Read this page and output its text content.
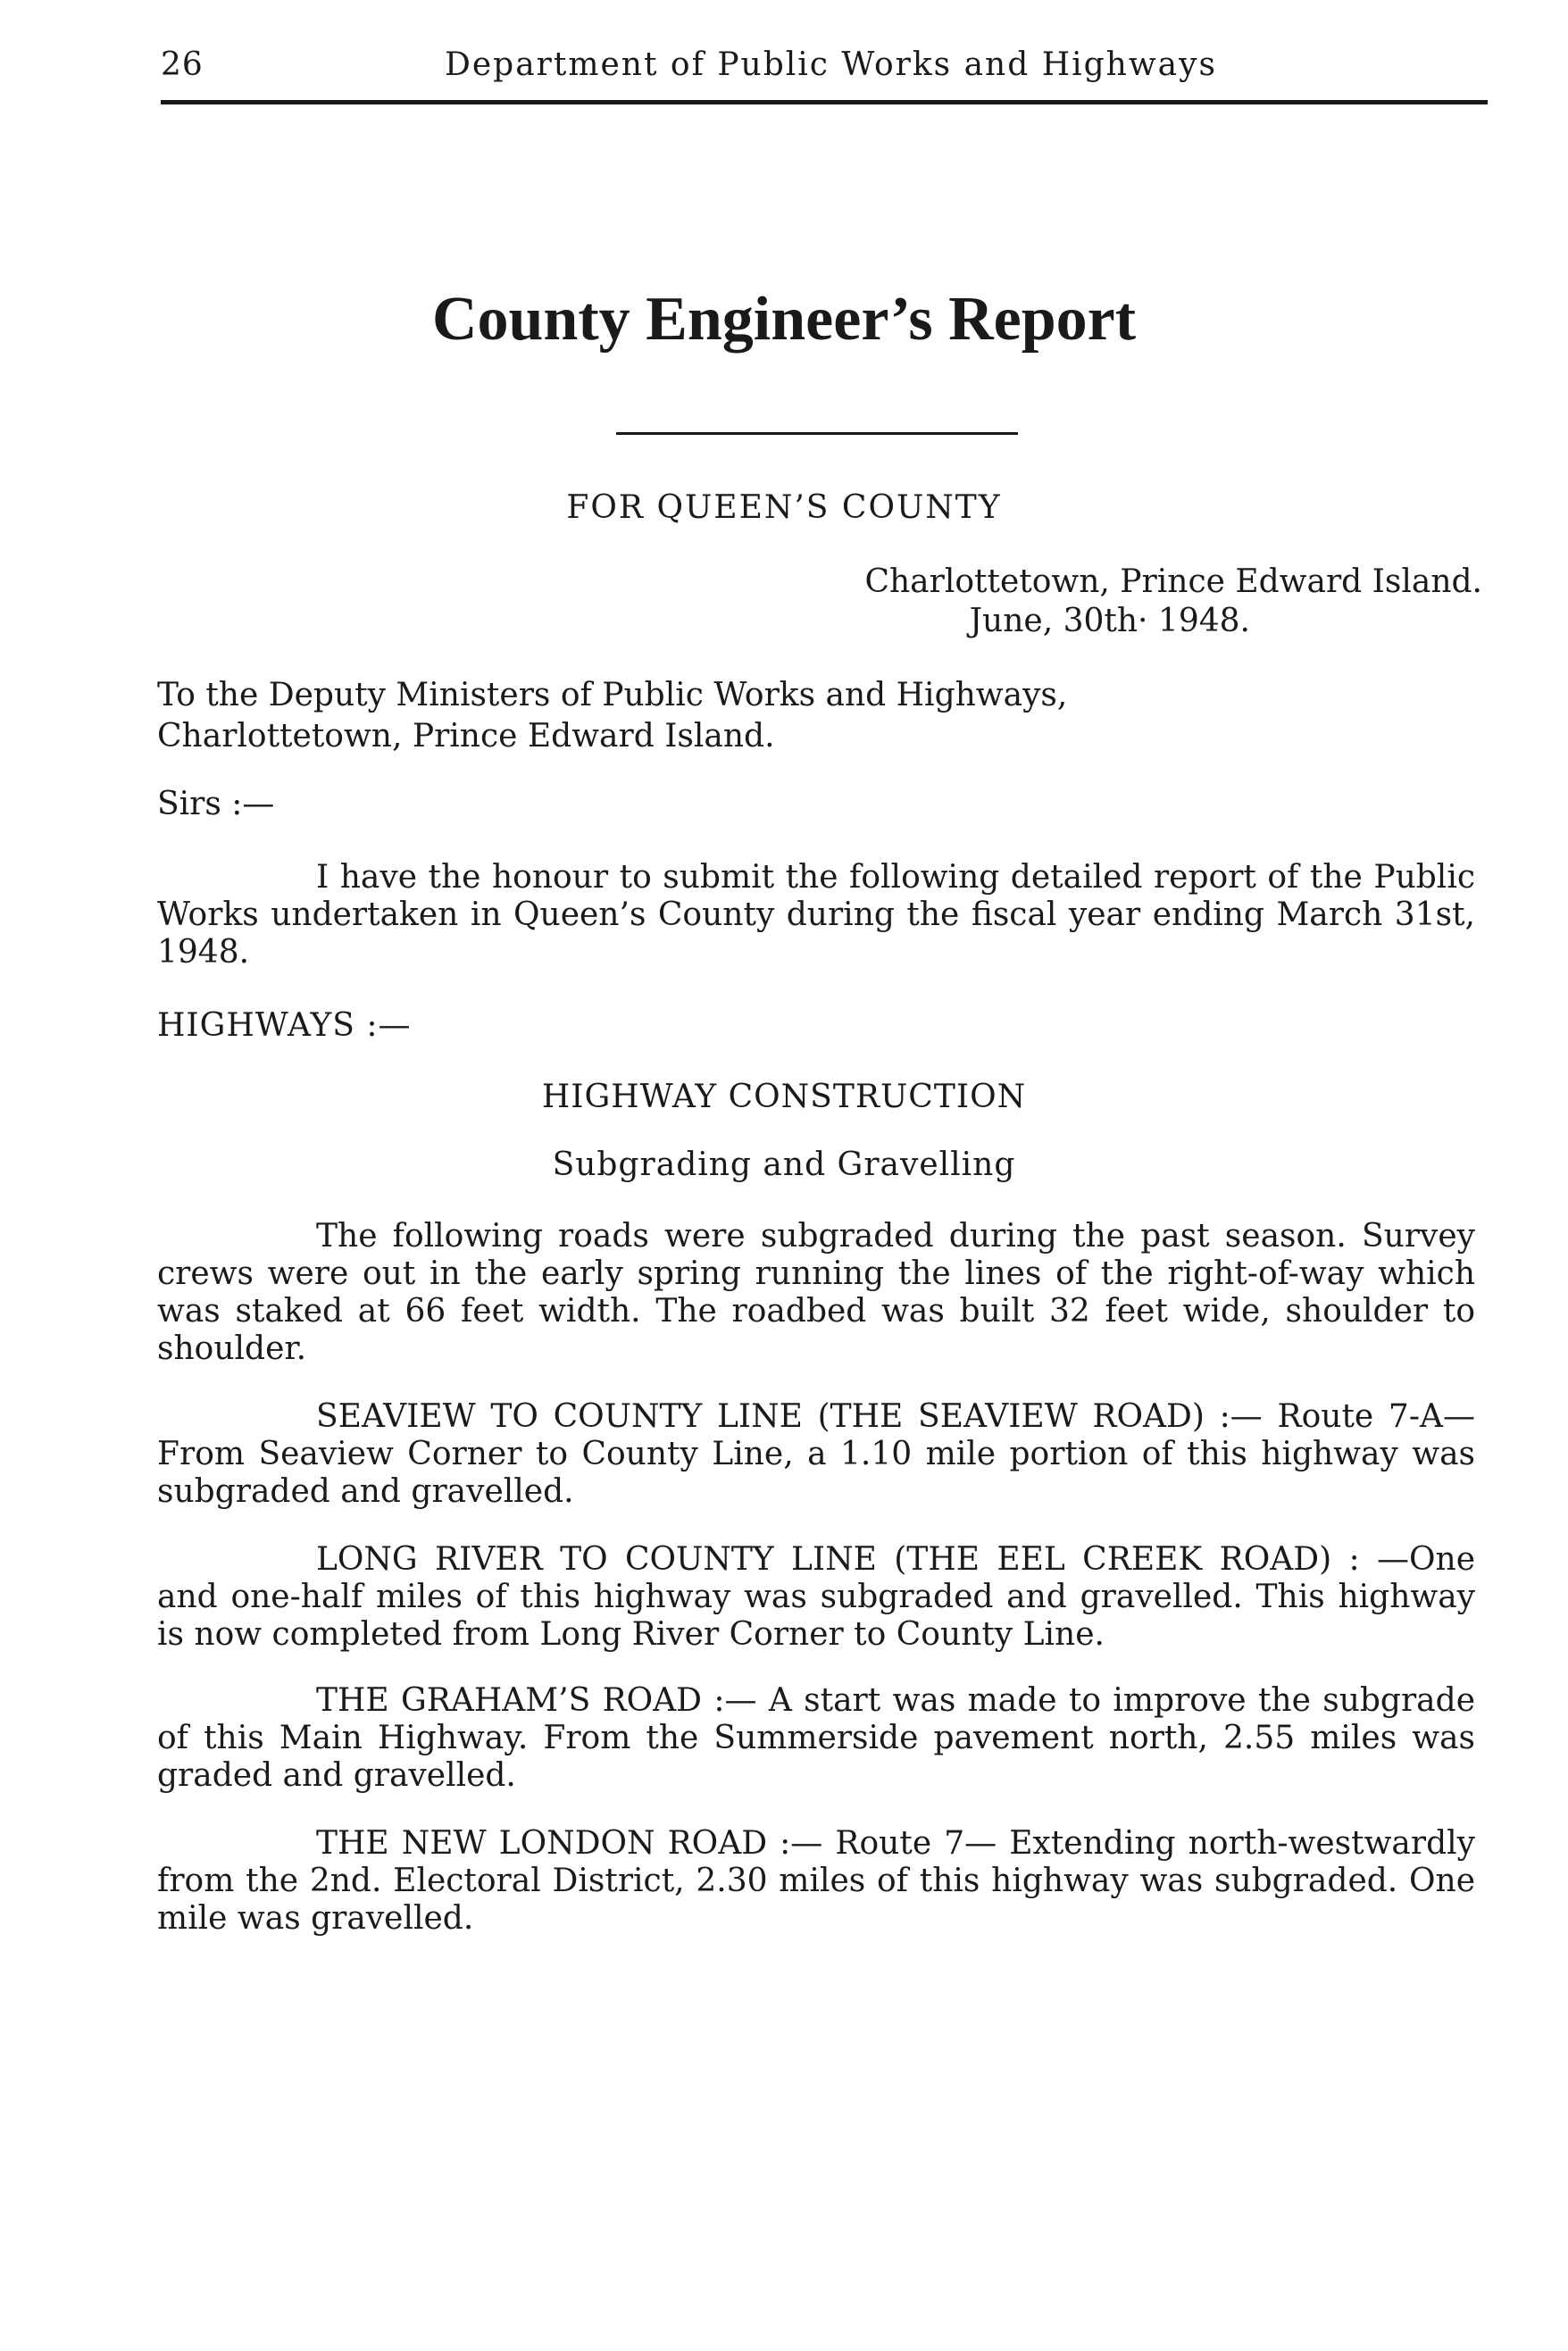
26	Department of Public Works and Highways
County Engineer’s Report
FOR QUEEN’S COUNTY
Charlottetown, Prince Edward Island.
June, 30th· 1948.
To the Deputy Ministers of Public Works and Highways,
Charlottetown, Prince Edward Island.
Sirs :—
I have the honour to submit the following detailed report of the Public Works undertaken in Queen’s County during the fiscal year ending March 31st, 1948.
HIGHWAYS :—
HIGHWAY CONSTRUCTION
Subgrading and Gravelling
The following roads were subgraded during the past season. Survey crews were out in the early spring running the lines of the right-of-way which was staked at 66 feet width. The roadbed was built 32 feet wide, shoulder to shoulder.
SEAVIEW TO COUNTY LINE (THE SEAVIEW ROAD) :— Route 7-A—From Seaview Corner to County Line, a 1.10 mile portion of this highway was subgraded and gravelled.
LONG RIVER TO COUNTY LINE (THE EEL CREEK ROAD) : —One and one-half miles of this highway was subgraded and gravelled. This highway is now completed from Long River Corner to County Line.
THE GRAHAM’S ROAD :— A start was made to improve the subgrade of this Main Highway. From the Summerside pavement north, 2.55 miles was graded and gravelled.
THE NEW LONDON ROAD :— Route 7— Extending north-westwardly from the 2nd. Electoral District, 2.30 miles of this highway was subgraded. One mile was gravelled.
